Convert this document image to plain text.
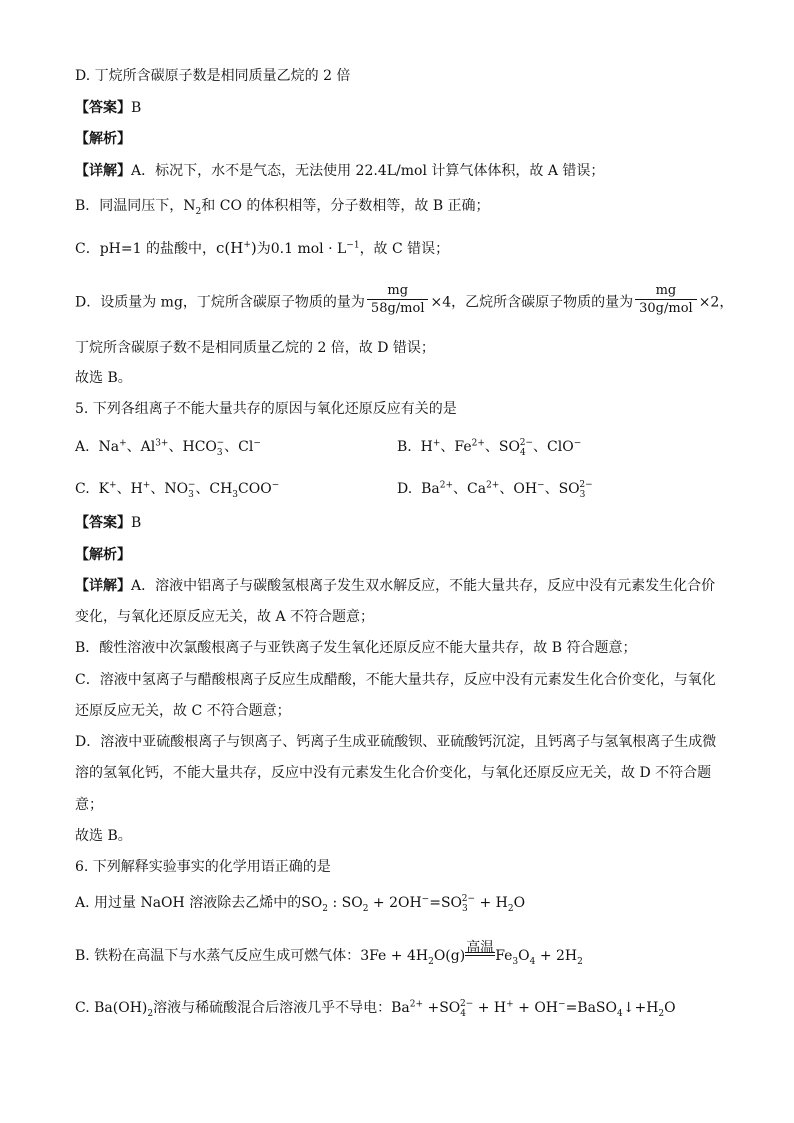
D. 丁烷所含碳原子数是相同质量乙烷的 2 倍
【答案】B
【解析】
【详解】A．标况下，水不是气态，无法使用 22.4L/mol 计算气体体积，故 A 错误；
B．同温同压下，$N_2$和 CO 的体积相等，分子数相等，故 B 正确；
C．pH=1 的盐酸中，c(H+)为0.1 mol · $L^{-1}$，故 C 错误；
D．设质量为 mg，丁烷所含碳原子物质的量为 $\frac{mg}{\text{58g/mol}} \times 4$，乙烷所含碳原子物质的量为 $\frac{mg}{\text{30g/mol}} \times 2$，
丁烷所含碳原子数不是相同质量乙烷的 2 倍，故 D 错误；
故选 B。
5. 下列各组离子不能大量共存的原因与氧化还原反应有关的是
A.  Na+、$Al^{3+}$、$HCO_3^-$、Cl−	B.  H+、$Fe^{2+}$、$SO_4^{2-}$、ClO−
C.  K+、H+、$NO_3^-$、$CH_3COO^-$	D.  $Ba^{2+}$、$Ca^{2+}$、OH−、$SO_3^{2-}$
【答案】B
【解析】
【详解】A．溶液中铝离子与碳酸氢根离子发生双水解反应，不能大量共存，反应中没有元素发生化合价
变化，与氧化还原反应无关，故 A 不符合题意；
B．酸性溶液中次氯酸根离子与亚铁离子发生氧化还原反应不能大量共存，故 B 符合题意；
C．溶液中氢离子与醋酸根离子反应生成醋酸，不能大量共存，反应中没有元素发生化合价变化，与氧化
还原反应无关，故 C 不符合题意；
D．溶液中亚硫酸根离子与钡离子、钙离子生成亚硫酸钡、亚硫酸钙沉淀，且钙离子与氢氧根离子生成微
溶的氢氧化钙，不能大量共存，反应中没有元素发生化合价变化，与氧化还原反应无关，故 D 不符合题
意；
故选 B。
6. 下列解释实验事实的化学用语正确的是
A. 用过量 NaOH 溶液除去乙烯中的$SO_2$ : $SO_2 + 2OH^-=SO_3^{2-} + H_2O$
B. 铁粉在高温下与水蒸气反应生成可燃气体：$3Fe + 4H_2O(g)$ 高温 $Fe_3O_4 + 2H_2$
C. $Ba(OH)_2$溶液与稀硫酸混合后溶液几乎不导电：$Ba^{2+} +SO_4^{2-} + H^+$ + $OH^-=BaSO_4↓+H_2O$
